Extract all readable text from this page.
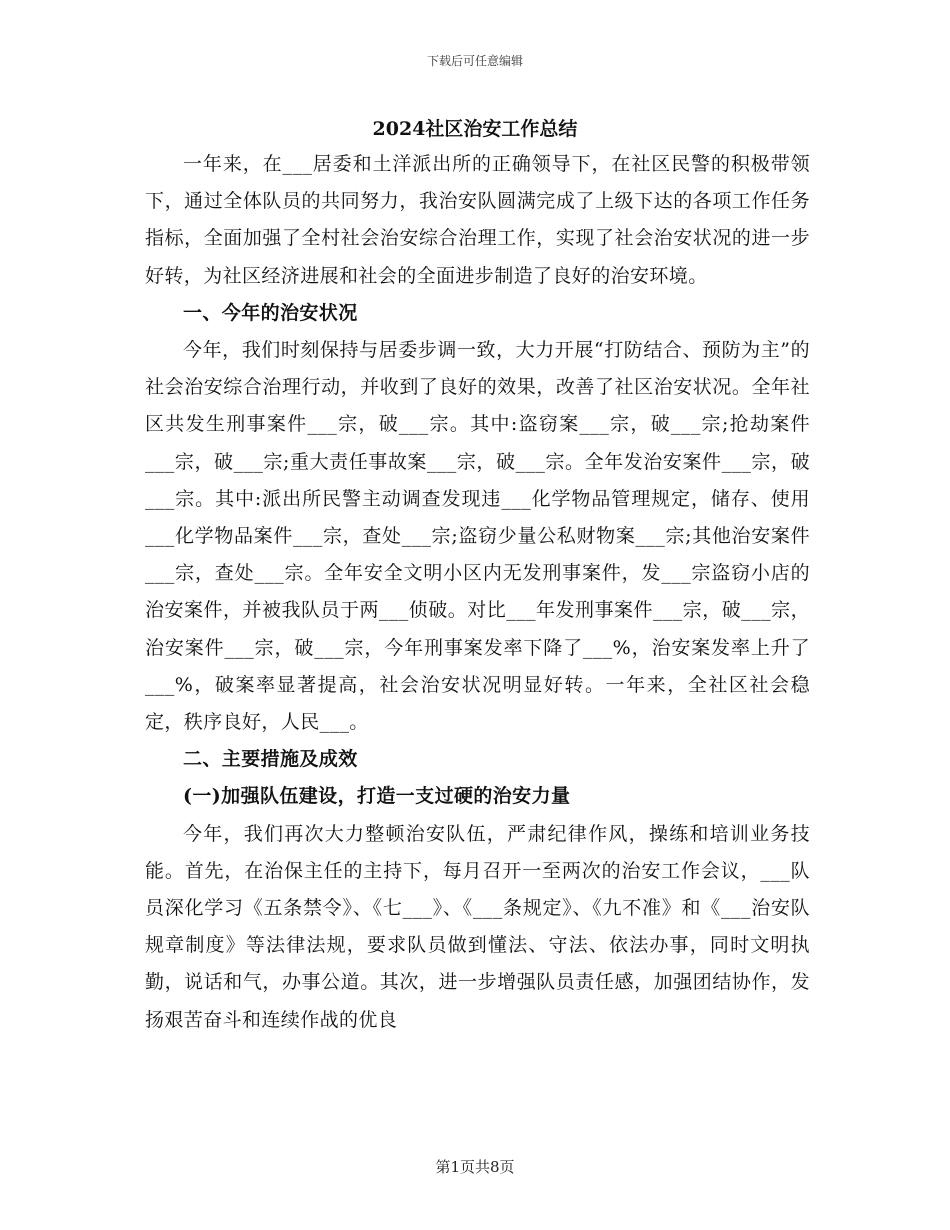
下载后可任意编辑
2024社区治安工作总结

一年来，在___居委和土洋派出所的正确领导下，在社区民警的积极带领下，通过全体队员的共同努力，我治安队圆满完成了上级下达的各项工作任务指标，全面加强了全村社会治安综合治理工作，实现了社会治安状况的进一步好转，为社区经济进展和社会的全面进步制造了良好的治安环境。

一、今年的治安状况

今年，我们时刻保持与居委步调一致，大力开展“打防结合、预防为主”的社会治安综合治理行动，并收到了良好的效果，改善了社区治安状况。全年社区共发生刑事案件___宗，破___宗。其中:盗窃案___宗，破___宗;抢劫案件___宗，破___宗;重大责任事故案___宗，破___宗。全年发治安案件___宗，破___宗。其中:派出所民警主动调查发现违___化学物品管理规定，储存、使用___化学物品案件___宗，查处___宗;盗窃少量公私财物案___宗;其他治安案件___宗，查处___宗。全年安全文明小区内无发刑事案件，发___宗盗窃小店的治安案件，并被我队员于两___侦破。对比___年发刑事案件___宗，破___宗，治安案件___宗，破___宗，今年刑事案发率下降了___%，治安案发率上升了___%，破案率显著提高，社会治安状况明显好转。一年来，全社区社会稳定，秩序良好，人民___。

二、主要措施及成效
(一)加强队伍建设，打造一支过硬的治安力量

今年，我们再次大力整顿治安队伍，严肃纪律作风，操练和培训业务技能。首先，在治保主任的主持下，每月召开一至两次的治安工作会议，___队员深化学习《五条禁令》、《七___》、《___条规定》、《九不准》和《___治安队规章制度》等法律法规，要求队员做到懂法、守法、依法办事，同时文明执勤，说话和气，办事公道。其次，进一步增强队员责任感，加强团结协作，发扬艰苦奋斗和连续作战的优良

第1页共8页
